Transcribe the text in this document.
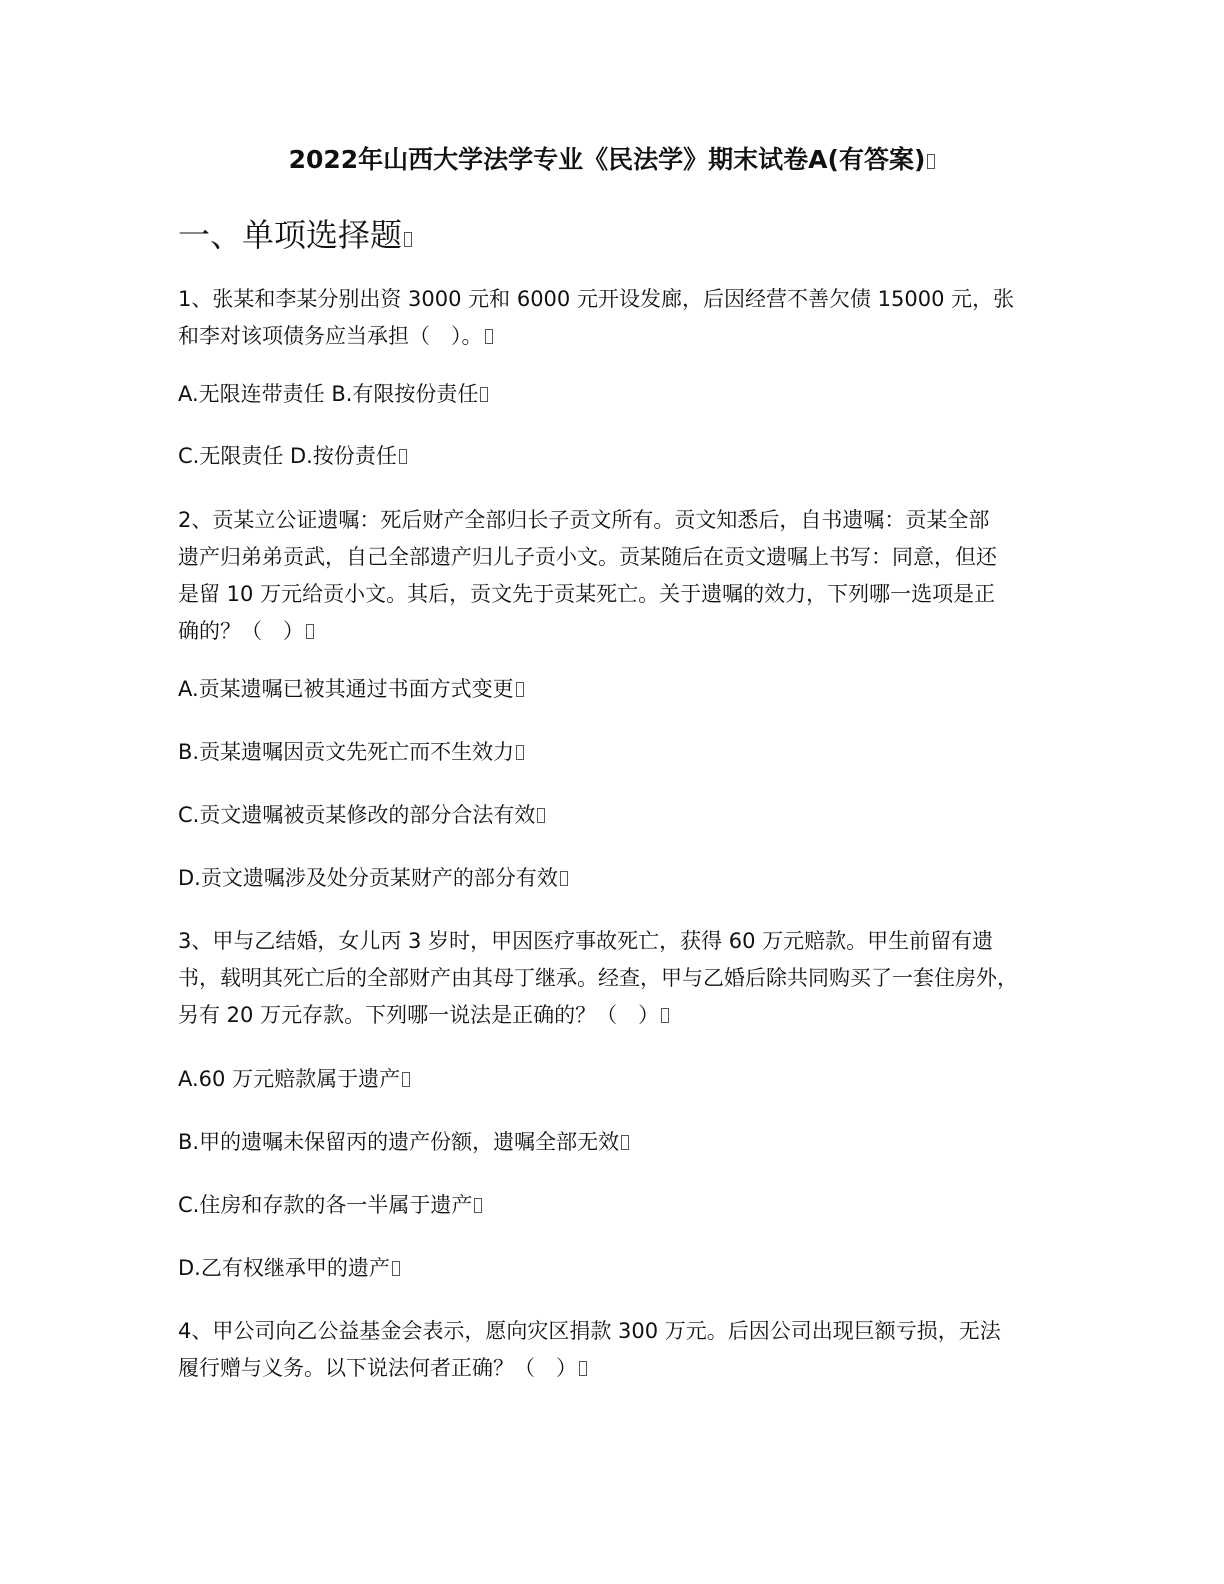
2022年山西大学法学专业《民法学》期末试卷A(有答案)
一、单项选择题
1、张某和李某分别出资 3000 元和 6000 元开设发廊，后因经营不善欠债 15000 元，张
和李对该项债务应当承担（　）。
A.无限连带责任 B.有限按份责任
C.无限责任 D.按份责任
2、贡某立公证遗嘱：死后财产全部归长子贡文所有。贡文知悉后，自书遗嘱：贡某全部
遗产归弟弟贡武，自己全部遗产归儿子贡小文。贡某随后在贡文遗嘱上书写：同意，但还
是留 10 万元给贡小文。其后，贡文先于贡某死亡。关于遗嘱的效力，下列哪一选项是正
确的？（　）
A.贡某遗嘱已被其通过书面方式变更
B.贡某遗嘱因贡文先死亡而不生效力
C.贡文遗嘱被贡某修改的部分合法有效
D.贡文遗嘱涉及处分贡某财产的部分有效
3、甲与乙结婚，女儿丙 3 岁时，甲因医疗事故死亡，获得 60 万元赔款。甲生前留有遗
书，载明其死亡后的全部财产由其母丁继承。经查，甲与乙婚后除共同购买了一套住房外，
另有 20 万元存款。下列哪一说法是正确的？（　）
A.60 万元赔款属于遗产
B.甲的遗嘱未保留丙的遗产份额，遗嘱全部无效
C.住房和存款的各一半属于遗产
D.乙有权继承甲的遗产
4、甲公司向乙公益基金会表示，愿向灾区捐款 300 万元。后因公司出现巨额亏损，无法
履行赠与义务。以下说法何者正确？（　）
